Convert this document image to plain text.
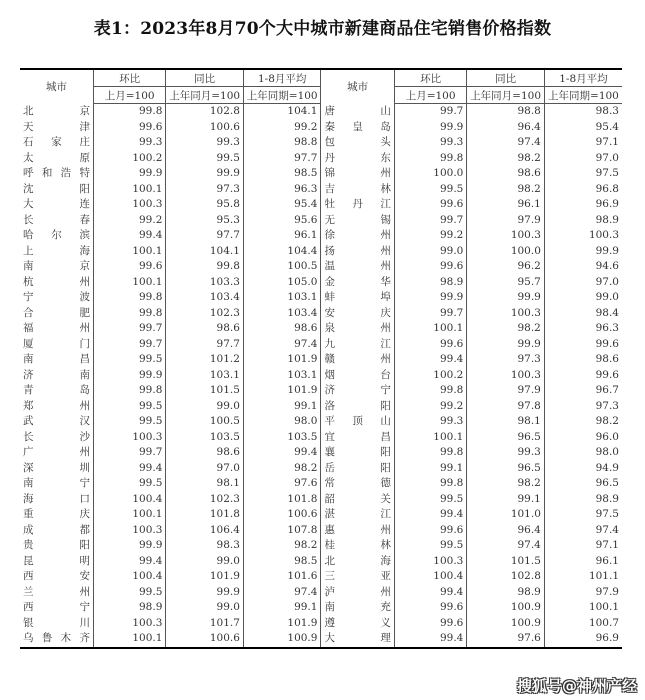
表1：2023年8月70个大中城市新建商品住宅销售价格指数
城市	环比	同比	1-8月平均	城市	环比	同比	1-8月平均
	上月=100	上年同月=100	上年同期=100		上月=100	上年同月=100	上年同期=100
北京	99.8	102.8	104.1	唐山	99.7	98.8	98.3
天津	99.6	100.6	99.2	秦皇岛	99.9	96.4	95.4
石家庄	99.3	99.3	98.8	包头	99.3	97.4	97.1
太原	100.2	99.5	97.7	丹东	99.8	98.2	97.0
呼和浩特	99.9	99.9	98.5	锦州	100.0	98.6	97.5
沈阳	100.1	97.3	96.3	吉林	99.5	98.2	96.8
大连	100.3	95.8	95.4	牡丹江	99.6	96.1	96.9
长春	99.2	95.3	95.6	无锡	99.7	97.9	98.9
哈尔滨	99.4	97.7	96.1	徐州	99.2	100.3	100.3
上海	100.1	104.1	104.4	扬州	99.0	100.0	99.9
南京	99.6	99.8	100.5	温州	99.6	96.2	94.6
杭州	100.1	103.3	105.0	金华	98.9	95.7	97.0
宁波	99.8	103.4	103.1	蚌埠	99.9	99.9	99.0
合肥	99.8	102.3	103.4	安庆	99.7	100.3	98.4
福州	99.7	98.6	98.6	泉州	100.1	98.2	96.3
厦门	99.7	97.7	97.4	九江	99.6	99.9	99.6
南昌	99.5	101.2	101.9	赣州	99.4	97.3	98.6
济南	99.9	103.1	103.1	烟台	100.2	100.3	99.6
青岛	99.8	101.5	101.9	济宁	99.8	97.9	96.7
郑州	99.5	99.0	99.1	洛阳	99.2	97.8	97.3
武汉	99.5	100.5	98.0	平顶山	99.3	98.1	98.2
长沙	100.3	103.5	103.5	宜昌	100.1	96.5	96.0
广州	99.7	98.6	99.4	襄阳	99.8	99.3	98.0
深圳	99.4	97.0	98.2	岳阳	99.1	96.5	94.9
南宁	99.5	98.1	97.6	常德	99.8	98.2	96.5
海口	100.4	102.3	101.8	韶关	99.5	99.1	98.9
重庆	100.1	101.8	100.6	湛江	99.4	101.0	97.5
成都	100.3	106.4	107.8	惠州	99.6	96.4	97.4
贵阳	99.9	98.3	98.2	桂林	99.5	97.4	97.1
昆明	99.4	99.0	98.5	北海	100.3	101.5	96.1
西安	100.4	101.9	101.6	三亚	100.4	102.8	101.1
兰州	99.5	99.9	97.4	泸州	99.4	98.9	97.9
西宁	98.9	99.0	99.1	南充	99.6	100.9	100.1
银川	100.3	101.7	101.9	遵义	99.6	100.9	100.7
乌鲁木齐	100.1	100.6	100.9	大理	99.4	97.6	96.9
搜狐号@神州产经
